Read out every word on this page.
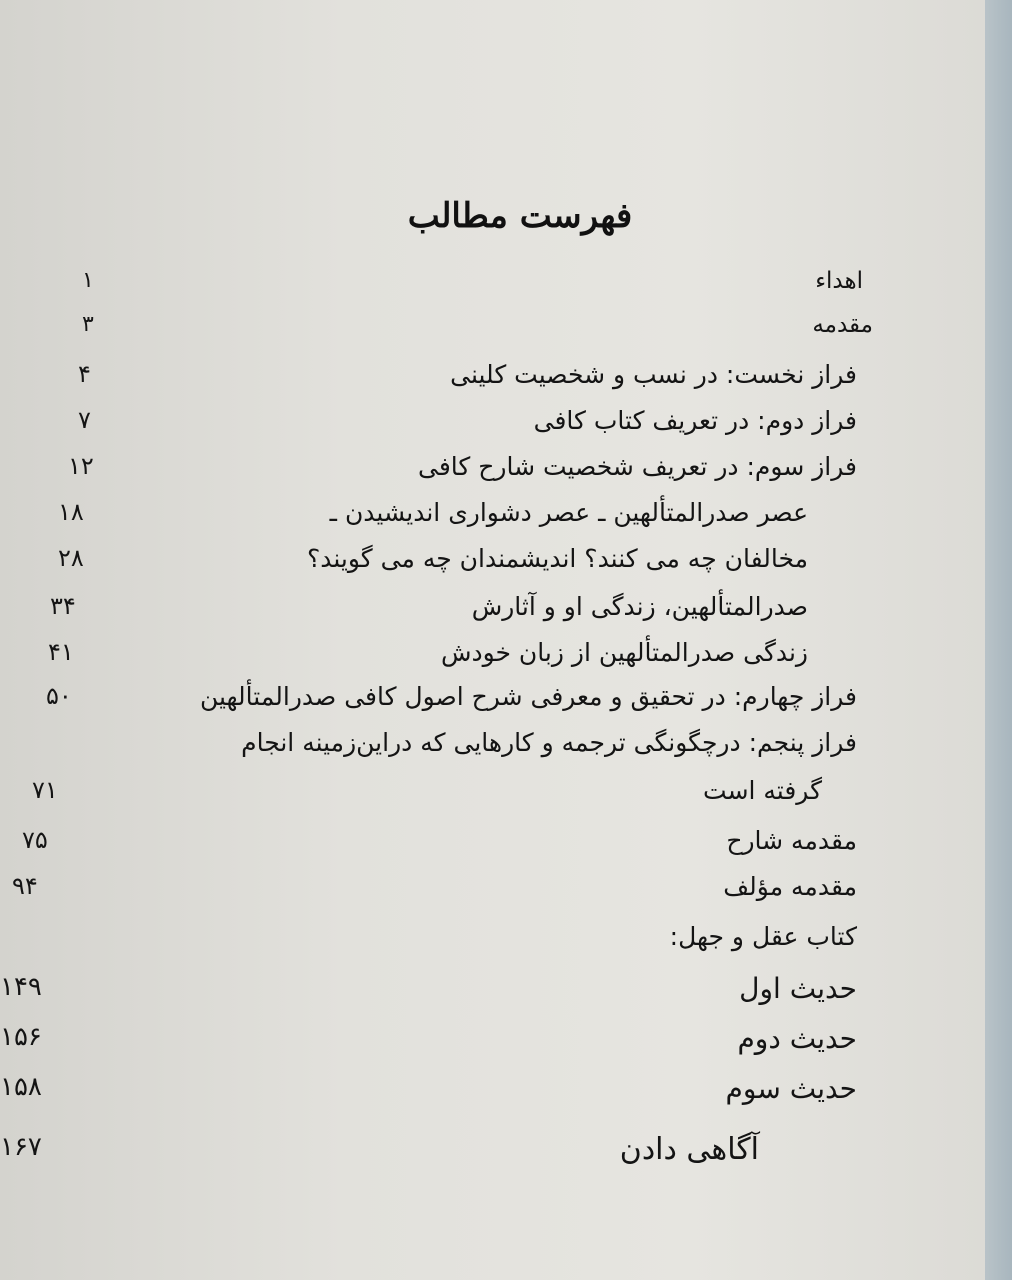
فهرست مطالب
اهداء
۱
مقدمه
۳
فراز نخست: در نسب و شخصیت کلینی
۴
فراز دوم: در تعریف کتاب کافی
۷
فراز سوم: در تعریف شخصیت شارح کافی
۱۲
عصر صدرالمتألهین ـ عصر دشواری اندیشیدن ـ
۱۸
مخالفان چه می کنند؟ اندیشمندان چه می گویند؟
۲۸
صدرالمتألهین، زندگی او و آثارش
۳۴
زندگی صدرالمتألهین از زبان خودش
۴۱
فراز چهارم: در تحقیق و معرفی شرح اصول کافی صدرالمتألهین
۵۰
فراز پنجم: درچگونگی ترجمه و کارهایی که دراین‌زمینه انجام
گرفته است
۷۱
مقدمه شارح
۷۵
مقدمه مؤلف
۹۴
کتاب عقل و جهل:
حدیث اول
۱۴۹
حدیث دوم
۱۵۶
حدیث سوم
۱۵۸
آگاهی دادن
۱۶۷
